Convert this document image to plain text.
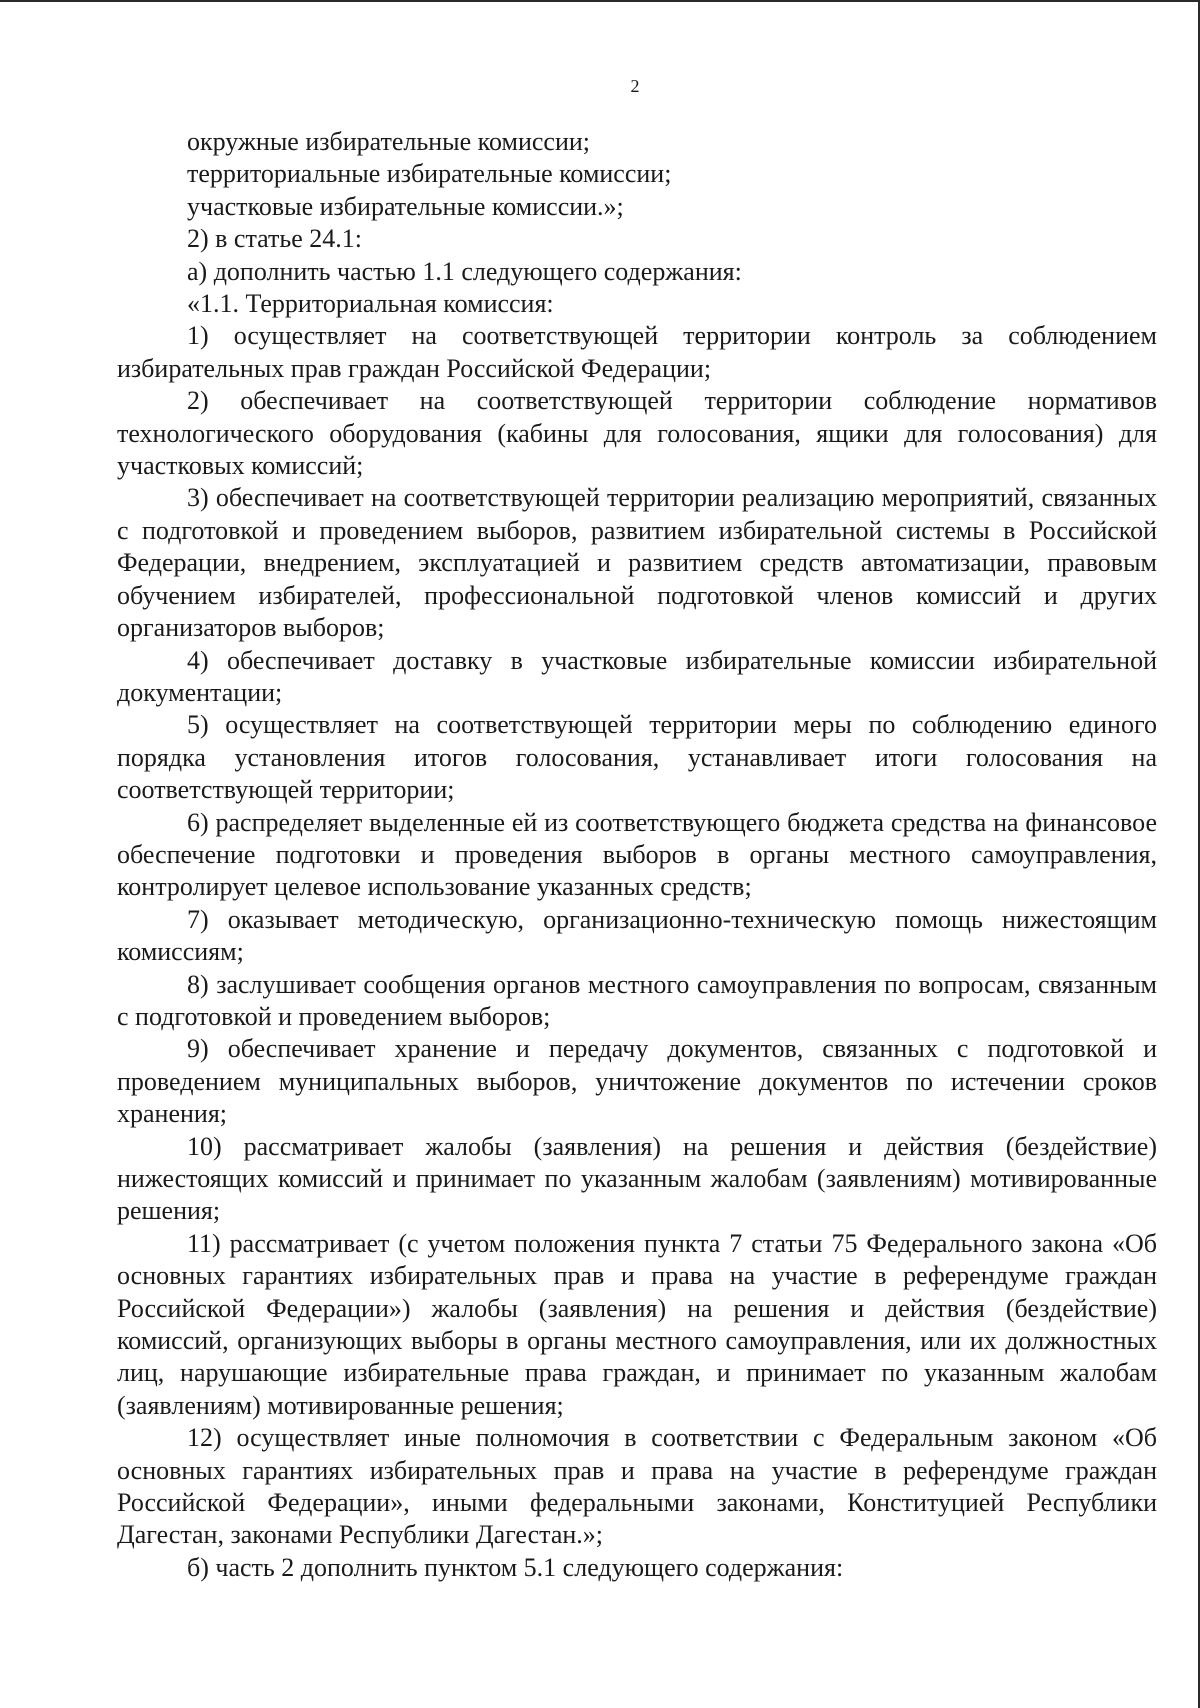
2

окружные избирательные комиссии;

территориальные избирательные комиссии;

участковые избирательные комиссии.»;

2) в статье 24.1:

а) дополнить частью 1.1 следующего содержания:

«1.1. Территориальная комиссия:

1) осуществляет на соответствующей территории контроль за соблюдением избирательных прав граждан Российской Федерации;

2) обеспечивает на соответствующей территории соблюдение нормативов технологического оборудования (кабины для голосования, ящики для голосования) для участковых комиссий;

3) обеспечивает на соответствующей территории реализацию мероприятий, связанных с подготовкой и проведением выборов, развитием избирательной системы в Российской Федерации, внедрением, эксплуатацией и развитием средств автоматизации, правовым обучением избирателей, профессиональной подготовкой членов комиссий и других организаторов выборов;

4) обеспечивает доставку в участковые избирательные комиссии избирательной документации;

5) осуществляет на соответствующей территории меры по соблюдению единого порядка установления итогов голосования, устанавливает итоги голосования на соответствующей территории;

6) распределяет выделенные ей из соответствующего бюджета средства на финансовое обеспечение подготовки и проведения выборов в органы местного самоуправления, контролирует целевое использование указанных средств;

7) оказывает методическую, организационно-техническую помощь нижестоящим комиссиям;

8) заслушивает сообщения органов местного самоуправления по вопросам, связанным с подготовкой и проведением выборов;

9) обеспечивает хранение и передачу документов, связанных с подготовкой и проведением муниципальных выборов, уничтожение документов по истечении сроков хранения;

10) рассматривает жалобы (заявления) на решения и действия (бездействие) нижестоящих комиссий и принимает по указанным жалобам (заявлениям) мотивированные решения;

11) рассматривает (с учетом положения пункта 7 статьи 75 Федерального закона «Об основных гарантиях избирательных прав и права на участие в референдуме граждан Российской Федерации») жалобы (заявления) на решения и действия (бездействие) комиссий, организующих выборы в органы местного самоуправления, или их должностных лиц, нарушающие избирательные права граждан, и принимает по указанным жалобам (заявлениям) мотивированные решения;

12) осуществляет иные полномочия в соответствии с Федеральным законом «Об основных гарантиях избирательных прав и права на участие в референдуме граждан Российской Федерации», иными федеральными законами, Конституцией Республики Дагестан, законами Республики Дагестан.»;

б) часть 2 дополнить пунктом 5.1 следующего содержания:
